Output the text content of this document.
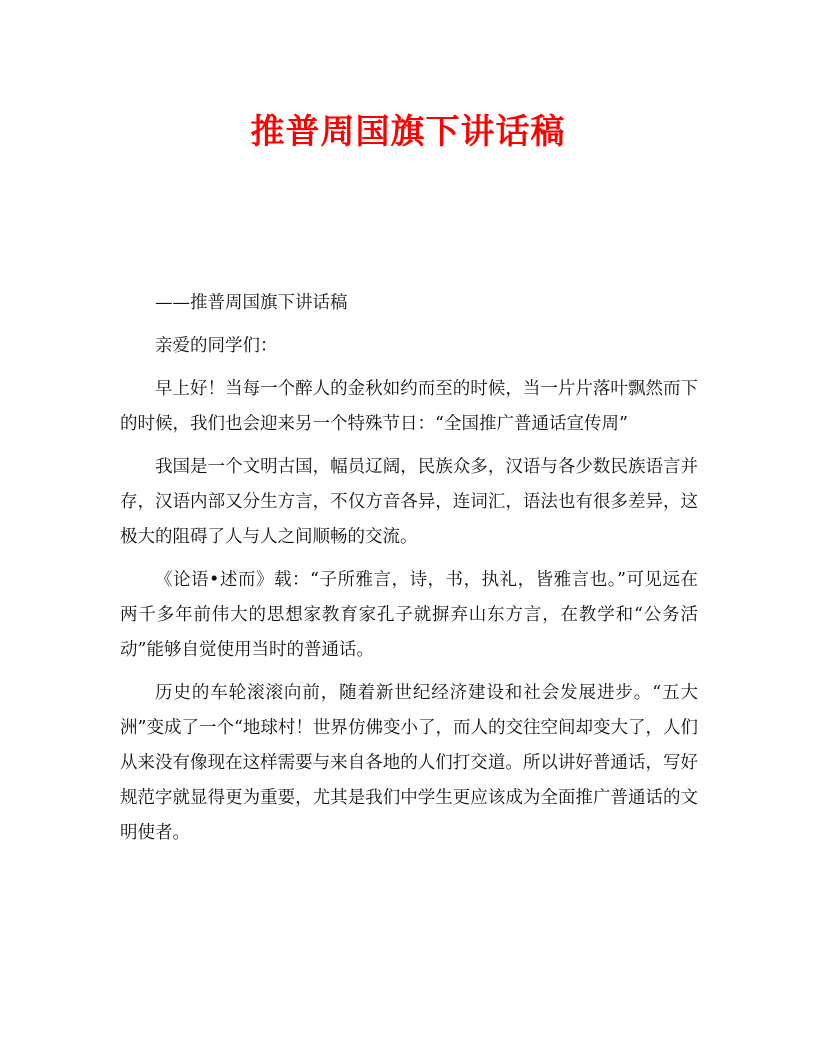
推普周国旗下讲话稿

——推普周国旗下讲话稿

亲爱的同学们：

早上好！当每一个醉人的金秋如约而至的时候，当一片片落叶飘然而下的时候，我们也会迎来另一个特殊节日：“全国推广普通话宣传周”

我国是一个文明古国，幅员辽阔，民族众多，汉语与各少数民族语言并存，汉语内部又分生方言，不仅方音各异，连词汇，语法也有很多差异，这极大的阻碍了人与人之间顺畅的交流。

《论语•述而》载：“子所雅言，诗，书，执礼，皆雅言也。”可见远在两千多年前伟大的思想家教育家孔子就摒弃山东方言，在教学和“公务活动”能够自觉使用当时的普通话。

历史的车轮滚滚向前，随着新世纪经济建设和社会发展进步。“五大洲”变成了一个“地球村！世界仿佛变小了，而人的交往空间却变大了，人们从来没有像现在这样需要与来自各地的人们打交道。所以讲好普通话，写好规范字就显得更为重要，尤其是我们中学生更应该成为全面推广普通话的文明使者。
